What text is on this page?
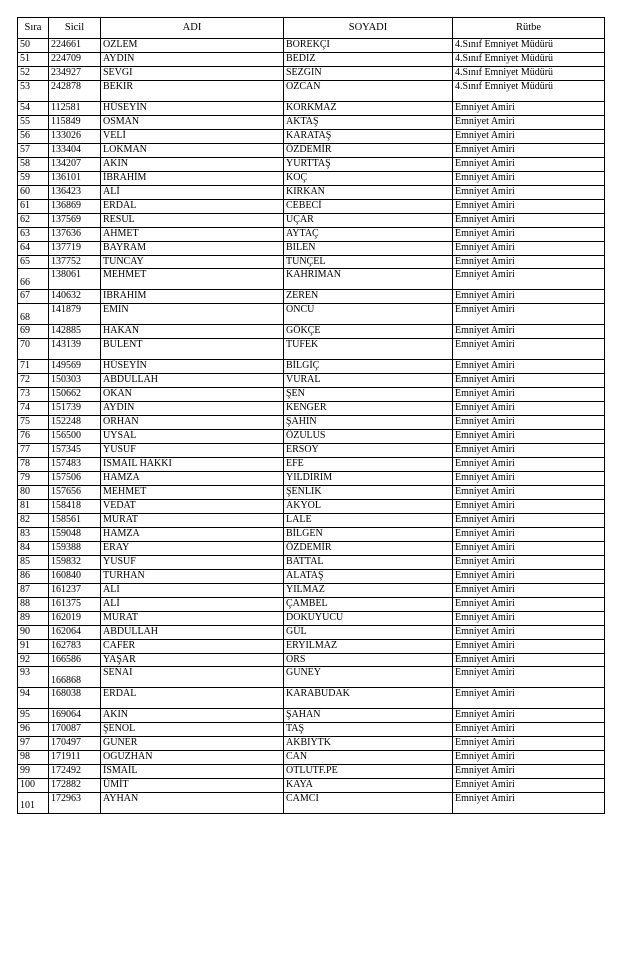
Sıra	Sicil	ADI	SOYADI	Rütbe
50	224661	OZLEM	BOREKÇI	4.Sınıf Emniyet Müdürü
51	224709	AYDIN	BEDIZ	4.Sınıf Emniyet Müdürü
52	234927	SEVGI	SEZGIN	4.Sınıf Emniyet Müdürü
53	242878	BEKIR	OZCAN	4.Sınıf Emniyet Müdürü
54	112581	HÜSEYİN	KORKMAZ	Emniyet Amiri
55	115849	OSMAN	AKTAŞ	Emniyet Amiri
56	133026	VELİ	KARATAŞ	Emniyet Amiri
57	133404	LOKMAN	ÖZDEMİR	Emniyet Amiri
58	134207	AKIN	YURTTAŞ	Emniyet Amiri
59	136101	İBRAHİM	KOÇ	Emniyet Amiri
60	136423	ALİ	KIRKAN	Emniyet Amiri
61	136869	ERDAL	CEBECİ	Emniyet Amiri
62	137569	RESUL	UÇAR	Emniyet Amiri
63	137636	AHMET	AYTAÇ	Emniyet Amiri
64	137719	BAYRAM	BILEN	Emniyet Amiri
65	137752	TUNCAY	TUNÇEL	Emniyet Amiri
66	138061	MEHMET	KAHRIMAN	Emniyet Amiri
67	140632	IBRAHIM	ZEREN	Emniyet Amiri
68	141879	EMIN	ONCU	Emniyet Amiri
69	142885	HAKAN	GÖKÇE	Emniyet Amiri
70	143139	BULENT	TUFEK	Emniyet Amiri
71	149569	HÜSEYİN	BİLGİÇ	Emniyet Amiri
72	150303	ABDULLAH	VURAL	Emniyet Amiri
73	150662	OKAN	ŞEN	Emniyet Amiri
74	151739	AYDIN	KENGER	Emniyet Amiri
75	152248	ORHAN	ŞAHIN	Emniyet Amiri
76	156500	UYSAL	ÖZULUS	Emniyet Amiri
77	157345	YUSUF	ERSOY	Emniyet Amiri
78	157483	ISMAIL HAKKI	EFE	Emniyet Amiri
79	157506	HAMZA	YILDIRIM	Emniyet Amiri
80	157656	MEHMET	ŞENLIK	Emniyet Amiri
81	158418	VEDAT	AKYOL	Emniyet Amiri
82	158561	MURAT	LALE	Emniyet Amiri
83	159048	HAMZA	BİLGEN	Emniyet Amiri
84	159388	ERAY	ÖZDEMİR	Emniyet Amiri
85	159832	YUSUF	BATTAL	Emniyet Amiri
86	160840	TURHAN	ALATAŞ	Emniyet Amiri
87	161237	ALI	YILMAZ	Emniyet Amiri
88	161375	ALİ	ÇAMBEL	Emniyet Amiri
89	162019	MURAT	DOKUYUCU	Emniyet Amiri
90	162064	ABDULLAH	GÜL	Emniyet Amiri
91	162783	CAFER	ERYILMAZ	Emniyet Amiri
92	166586	YAŞAR	ORS	Emniyet Amiri
93	166868	SENAI	GUNEY	Emniyet Amiri
94	168038	ERDAL	KARABUDAK	Emniyet Amiri
95	169064	AKIN	ŞAHAN	Emniyet Amiri
96	170087	ŞENOL	TAŞ	Emniyet Amiri
97	170497	GUNER	AKBIYTK	Emniyet Amiri
98	171911	OĞUZHAN	CAN	Emniyet Amiri
99	172492	İSMAİL	OTLUTF.PE	Emniyet Amiri
100	172882	ÜMİT	KAYA	Emniyet Amiri
101	172963	AYHAN	CAMCI	Emniyet Amiri
